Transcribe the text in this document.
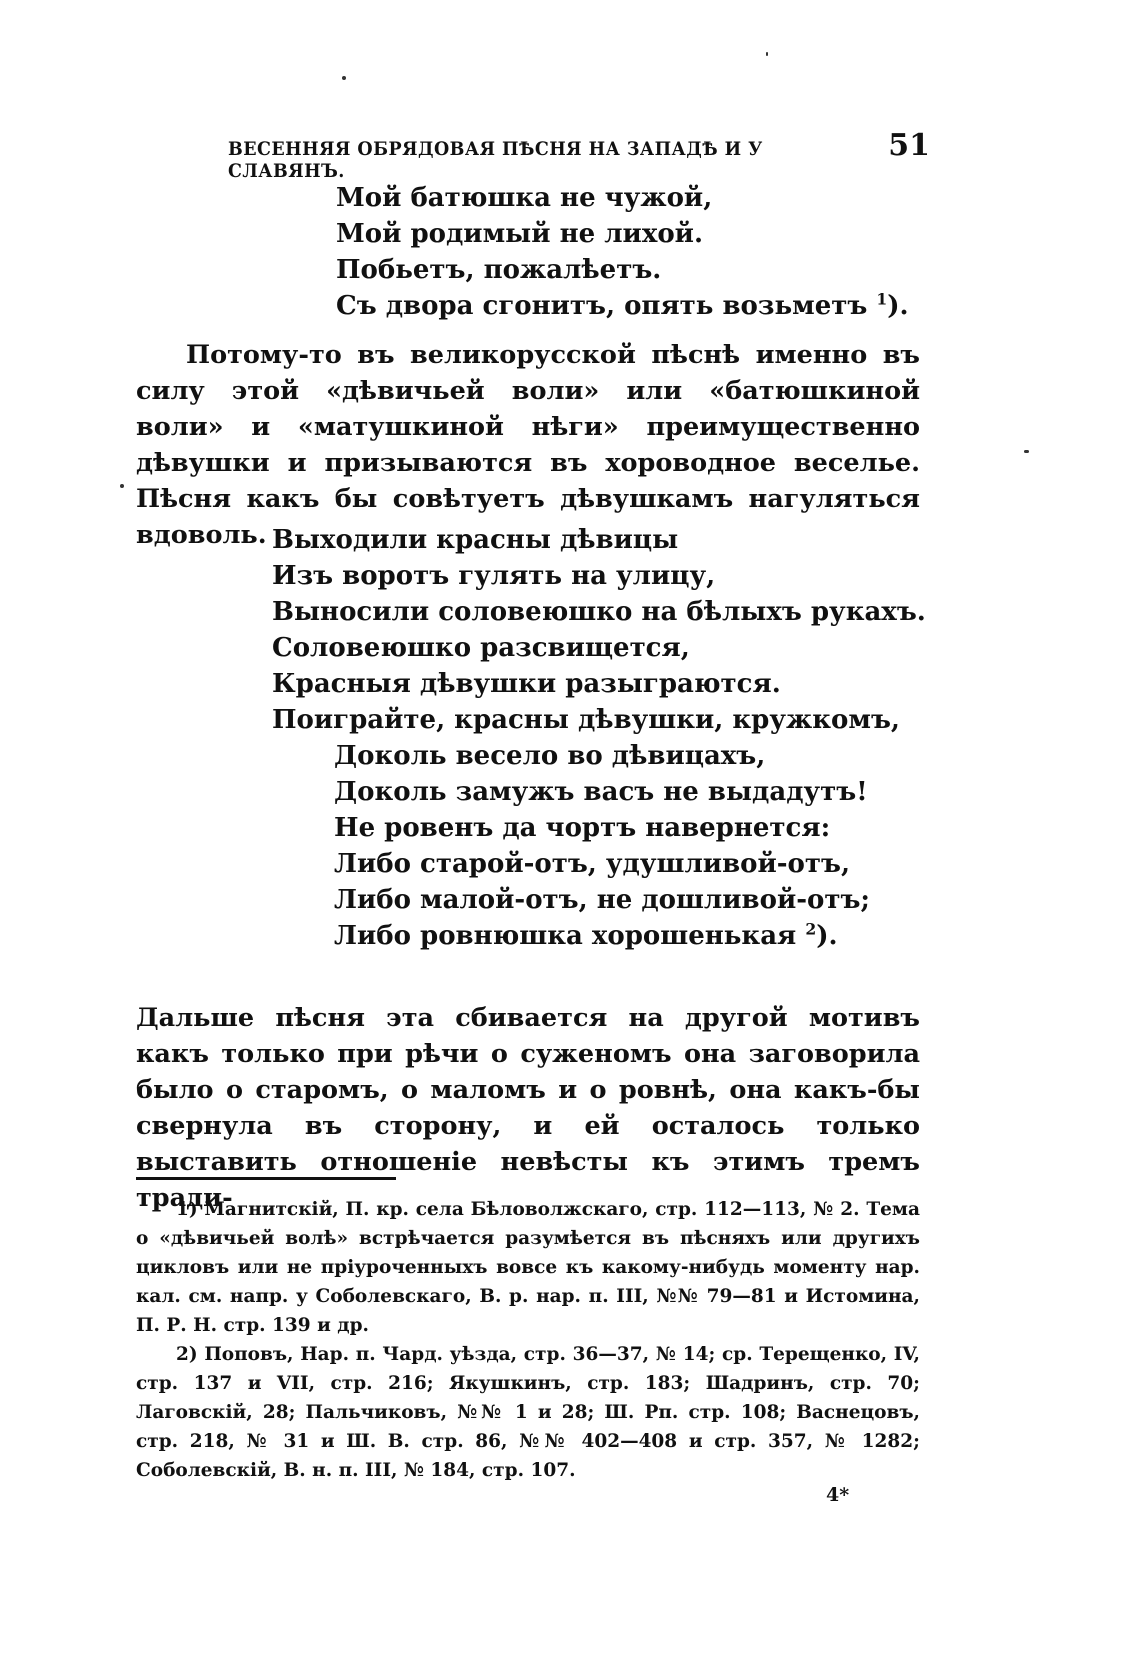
ВЕСЕННЯЯ ОБРЯДОВАЯ ПѢСНЯ НА ЗАПАДѢ И У СЛАВЯНЪ.
51
Мой батюшка не чужой,
Мой родимый не лихой.
Побьетъ, пожалѣетъ.
Съ двора сгонитъ, опять возьметъ $^1$).

Потому-то въ великорусской пѣснѣ именно въ силу этой «дѣвичьей воли» или «батюшкиной воли» и «матушкиной нѣги» преимущественно дѣвушки и призываются въ хороводное веселье. Пѣсня какъ бы совѣтуетъ дѣвушкамъ нагуляться вдоволь. Выходили красны дѣвицы
Изъ воротъ гулять на улицу,
Выносили соловеюшко на бѣлыхъ рукахъ.
Соловеюшко разсвищется,
Красныя дѣвушки разыграются.
Поиграйте, красны дѣвушки, кружкомъ,
Доколь весело во дѣвицахъ,
Доколь замужъ васъ не выдадутъ!
Не ровенъ да чортъ навернется:
Либо старой-отъ, удушливой-отъ,
Либо малой-отъ, не дошливой-отъ;
Либо ровнюшка хорошенькая $^2$).

Дальше пѣсня эта сбивается на другой мотивъ какъ только при рѣчи о суженомъ она заговорила было о старомъ, о маломъ и о ровнѣ, она какъ-бы свернула въ сторону, и ей осталось только выставить отношеніе невѣсты къ этимъ тремъ тради-

1) Магнитскій, П. кр. села Бѣловолжскаго, стр. 112—113, № 2. Тема о «дѣвичьей волѣ» встрѣчается разумѣется въ пѣсняхъ или другихъ цикловъ или не пріуроченныхъ вовсе къ какому-нибудь моменту нар. кал. см. напр. у Соболевскаго, В. р. нар. п. III, №№ 79—81 и Истомина, П. Р. Н. стр. 139 и др.

2) Поповъ, Нар. п. Чард. уѣзда, стр. 36—37, № 14; ср. Терещенко, IV, стр. 137 и VII, стр. 216; Якушкинъ, стр. 183; Шадринъ, стр. 70; Лаговскій, 28; Пальчиковъ, №№ 1 и 28; Ш. Рп. стр. 108; Васнецовъ, стр. 218, № 31 и Ш. В. стр. 86, №№ 402—408 и стр. 357, № 1282; Соболевскій, В. н. п. III, № 184, стр. 107.

4*
